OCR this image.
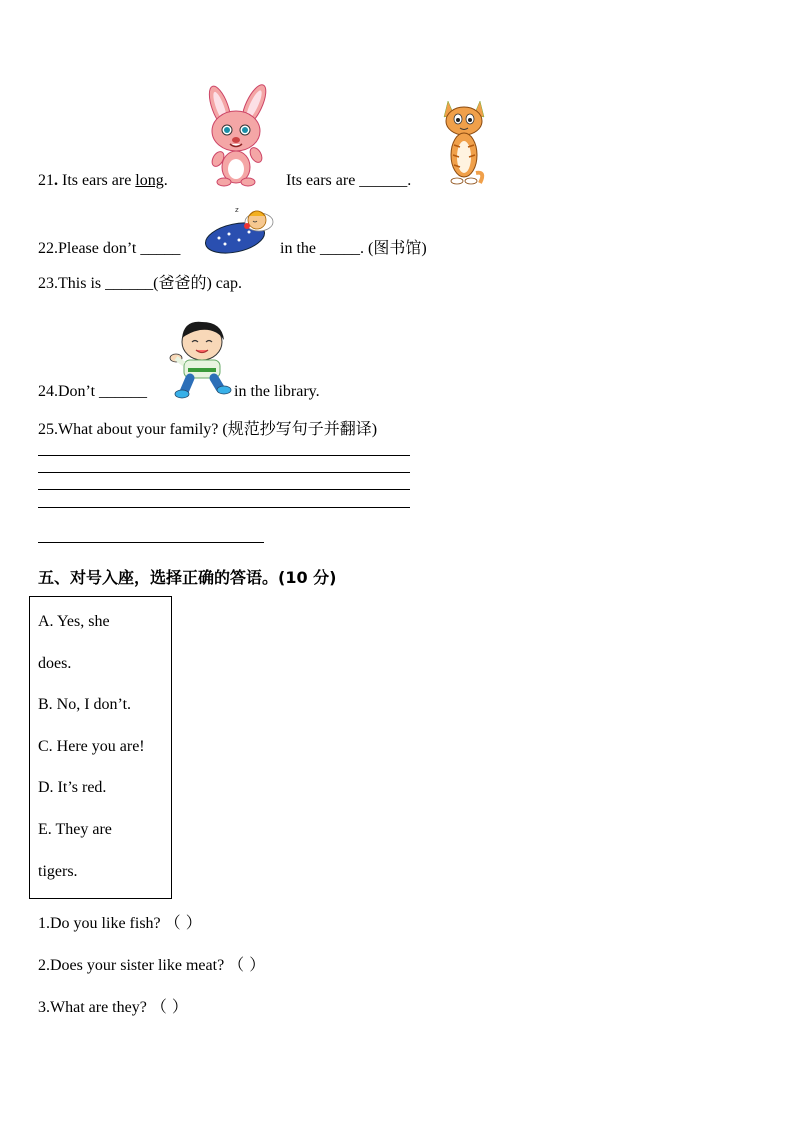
21. Its ears are long.	Its ears are ______.
22.Please don’t _____	in the _____. (图书馆)
z
23.This is ______(爸爸的) cap.
24.Don’t ______	in the library.
25.What about your family? (规范抄写句子并翻译)
五、对号入座，选择正确的答语。(10 分)
A. Yes, she
does.
B. No, I don’t.
C. Here you are!
D. It’s red.
E. They are
tigers.
1.Do you like fish? （ ）
2.Does your sister like meat? （ ）
3.What are they? （ ）
